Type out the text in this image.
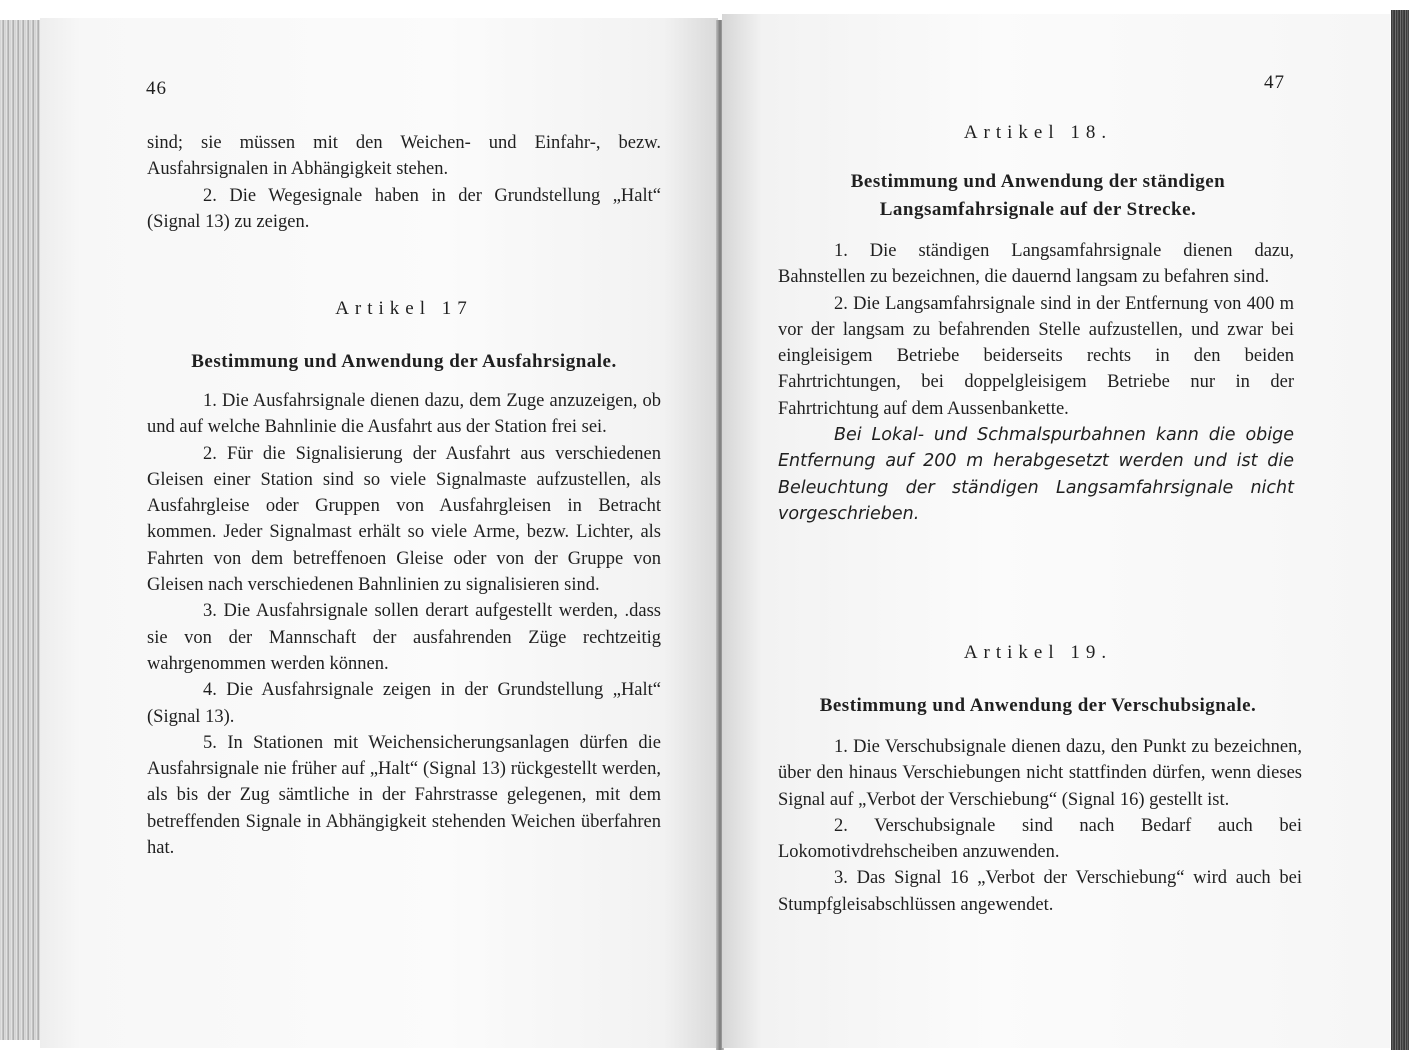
46

sind; sie müssen mit den Weichen- und Einfahr-, bezw. Ausfahrsignalen in Abhängigkeit stehen.

2. Die Wegesignale haben in der Grundstellung „Halt“ (Signal 13) zu zeigen.

Artikel 17
Bestimmung und Anwendung der Ausfahrsignale.

1. Die Ausfahrsignale dienen dazu, dem Zuge anzuzeigen, ob und auf welche Bahnlinie die Ausfahrt aus der Station frei sei.

2. Für die Signalisierung der Ausfahrt aus verschiedenen Gleisen einer Station sind so viele Signalmaste aufzustellen, als Ausfahrgleise oder Gruppen von Ausfahrgleisen in Betracht kommen. Jeder Signalmast erhält so viele Arme, bezw. Lichter, als Fahrten von dem betreffenoen Gleise oder von der Gruppe von Gleisen nach verschiedenen Bahnlinien zu signalisieren sind.

3. Die Ausfahrsignale sollen derart aufgestellt werden, .dass sie von der Mannschaft der ausfahrenden Züge rechtzeitig wahrgenommen werden können.

4. Die Ausfahrsignale zeigen in der Grundstellung „Halt“ (Signal 13).

5. In Stationen mit Weichensicherungsanlagen dürfen die Ausfahrsignale nie früher auf „Halt“ (Signal 13) rückgestellt werden, als bis der Zug sämtliche in der Fahrstrasse gelegenen, mit dem betreffenden Signale in Abhängigkeit stehenden Weichen überfahren hat.

47
Artikel 18.
Bestimmung und Anwendung der ständigen
Langsamfahrsignale auf der Strecke.

1. Die ständigen Langsamfahrsignale dienen dazu, Bahnstellen zu bezeichnen, die dauernd langsam zu befahren sind.

2. Die Langsamfahrsignale sind in der Entfernung von 400 m vor der langsam zu befahrenden Stelle aufzustellen, und zwar bei eingleisigem Betriebe beiderseits rechts in den beiden Fahrtrichtungen, bei doppelgleisigem Betriebe nur in der Fahrtrichtung auf dem Aussenbankette.

Bei Lokal- und Schmalspurbahnen kann die obige Entfernung auf 200 m herabgesetzt werden und ist die Beleuchtung der ständigen Langsamfahrsignale nicht vorgeschrieben.

Artikel 19.
Bestimmung und Anwendung der Verschubsignale.

1. Die Verschubsignale dienen dazu, den Punkt zu bezeichnen, über den hinaus Verschiebungen nicht stattfinden dürfen, wenn dieses Signal auf „Verbot der Verschiebung“ (Signal 16) gestellt ist.

2. Verschubsignale sind nach Bedarf auch bei Lokomotivdrehscheiben anzuwenden.

3. Das Signal 16 „Verbot der Verschiebung“ wird auch bei Stumpfgleisabschlüssen angewendet.
